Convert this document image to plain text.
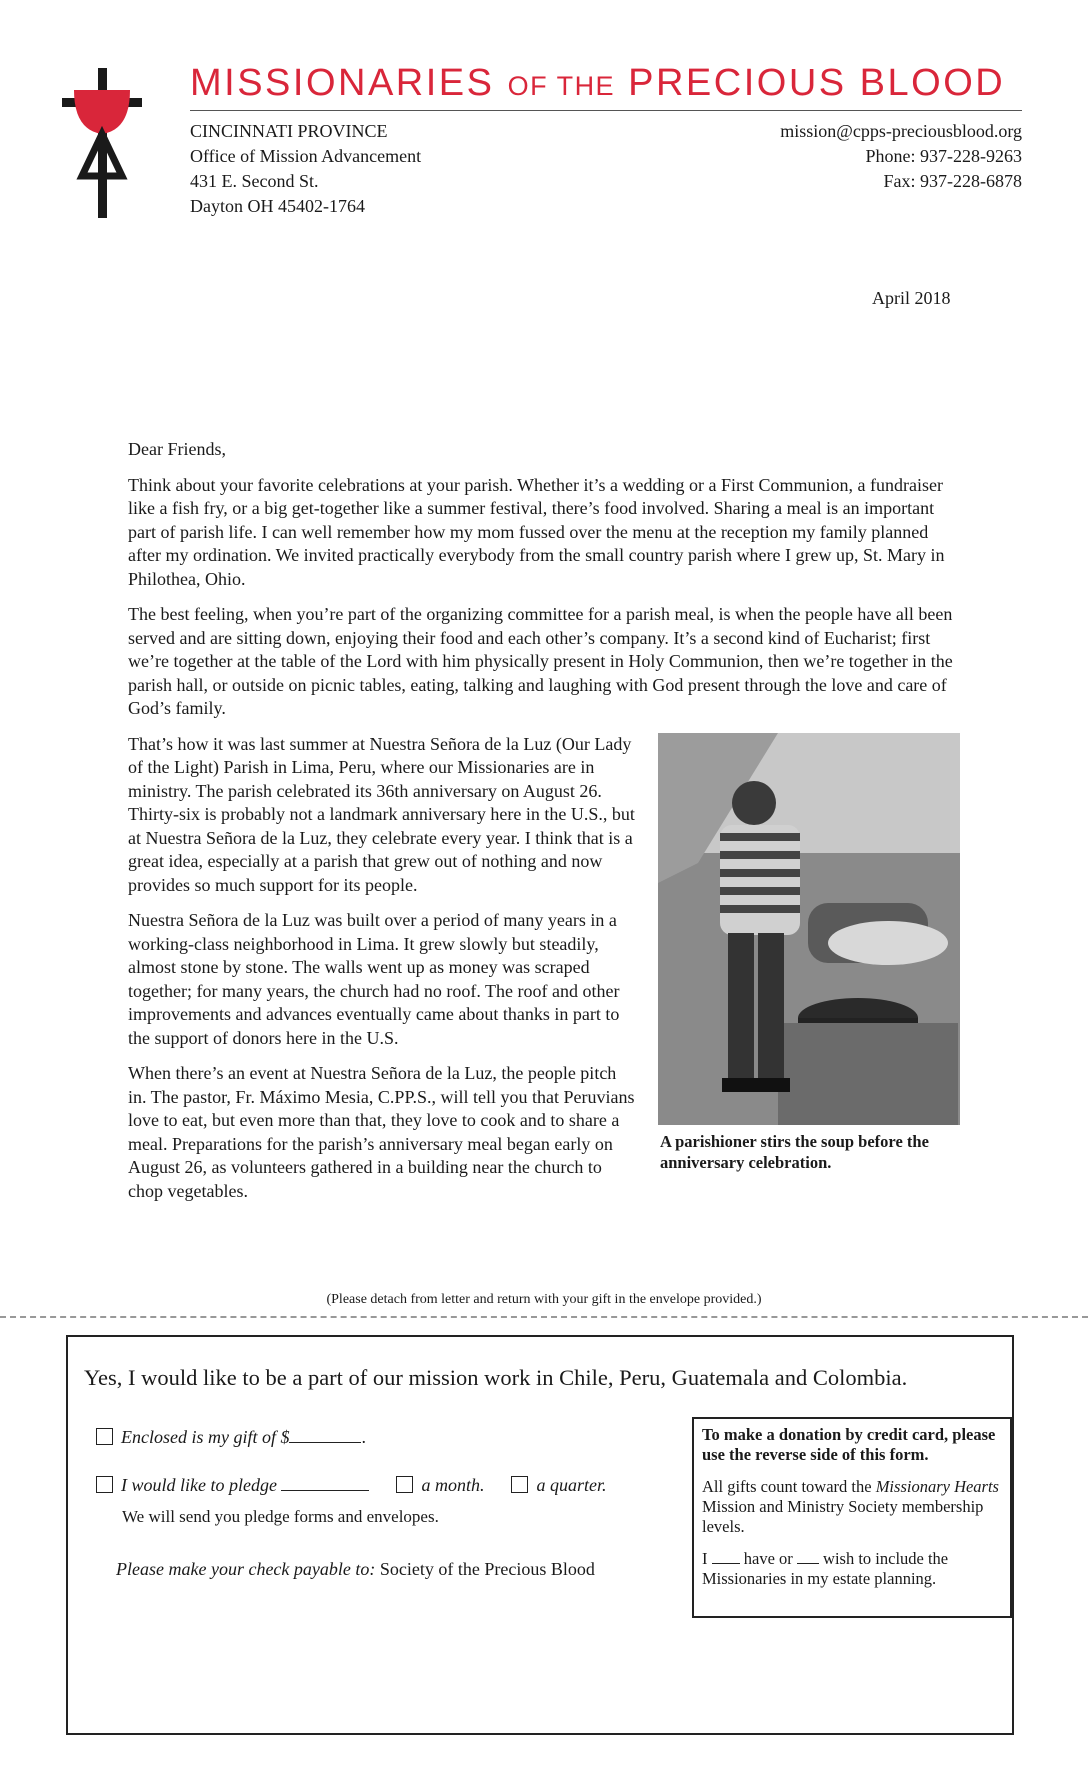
MISSIONARIES OF THE PRECIOUS BLOOD
CINCINNATI PROVINCE
Office of Mission Advancement
431 E. Second St.
Dayton OH 45402-1764
mission@cpps-preciousblood.org
Phone: 937-228-9263
Fax: 937-228-6878
April 2018

Dear Friends,

Think about your favorite celebrations at your parish. Whether it’s a wedding or a First Communion, a fundraiser like a fish fry, or a big get-together like a summer festival, there’s food involved. Sharing a meal is an important part of parish life. I can well remember how my mom fussed over the menu at the reception my family planned after my ordination. We invited practically everybody from the small country parish where I grew up, St. Mary in Philothea, Ohio.

The best feeling, when you’re part of the organizing committee for a parish meal, is when the people have all been served and are sitting down, enjoying their food and each other’s company. It’s a second kind of Eucharist; first we’re together at the table of the Lord with him physically present in Holy Communion, then we’re together in the parish hall, or outside on picnic tables, eating, talking and laughing with God present through the love and care of God’s family.

A parishioner stirs the soup before the anniversary celebration.

That’s how it was last summer at Nuestra Señora de la Luz (Our Lady of the Light) Parish in Lima, Peru, where our Missionaries are in ministry. The parish celebrated its 36th anniversary on August 26. Thirty-six is probably not a landmark anniversary here in the U.S., but at Nuestra Señora de la Luz, they celebrate every year. I think that is a great idea, especially at a parish that grew out of nothing and now provides so much support for its people.

Nuestra Señora de la Luz was built over a period of many years in a working-class neighborhood in Lima. It grew slowly but steadily, almost stone by stone. The walls went up as money was scraped together; for many years, the church had no roof. The roof and other improvements and advances eventually came about thanks in part to the support of donors here in the U.S.

When there’s an event at Nuestra Señora de la Luz, the people pitch in. The pastor, Fr. Máximo Mesia, C.PP.S., will tell you that Peruvians love to eat, but even more than that, they love to cook and to share a meal. Preparations for the parish’s anniversary meal began early on August 26, as volunteers gathered in a building near the church to chop vegetables.

(Please detach from letter and return with your gift in the envelope provided.)
Yes, I would like to be a part of our mission work in Chile, Peru, Guatemala and Colombia.
Enclosed is my gift of $	.
I would like to pledge	a month.	a quarter.
We will send you pledge forms and envelopes.
Please make your check payable to: Society of the Precious Blood

To make a donation by credit card, please use the reverse side of this form.

All gifts count toward the Missionary Hearts Mission and Ministry Society membership levels.

I have or wish to include the Missionaries in my estate planning.
